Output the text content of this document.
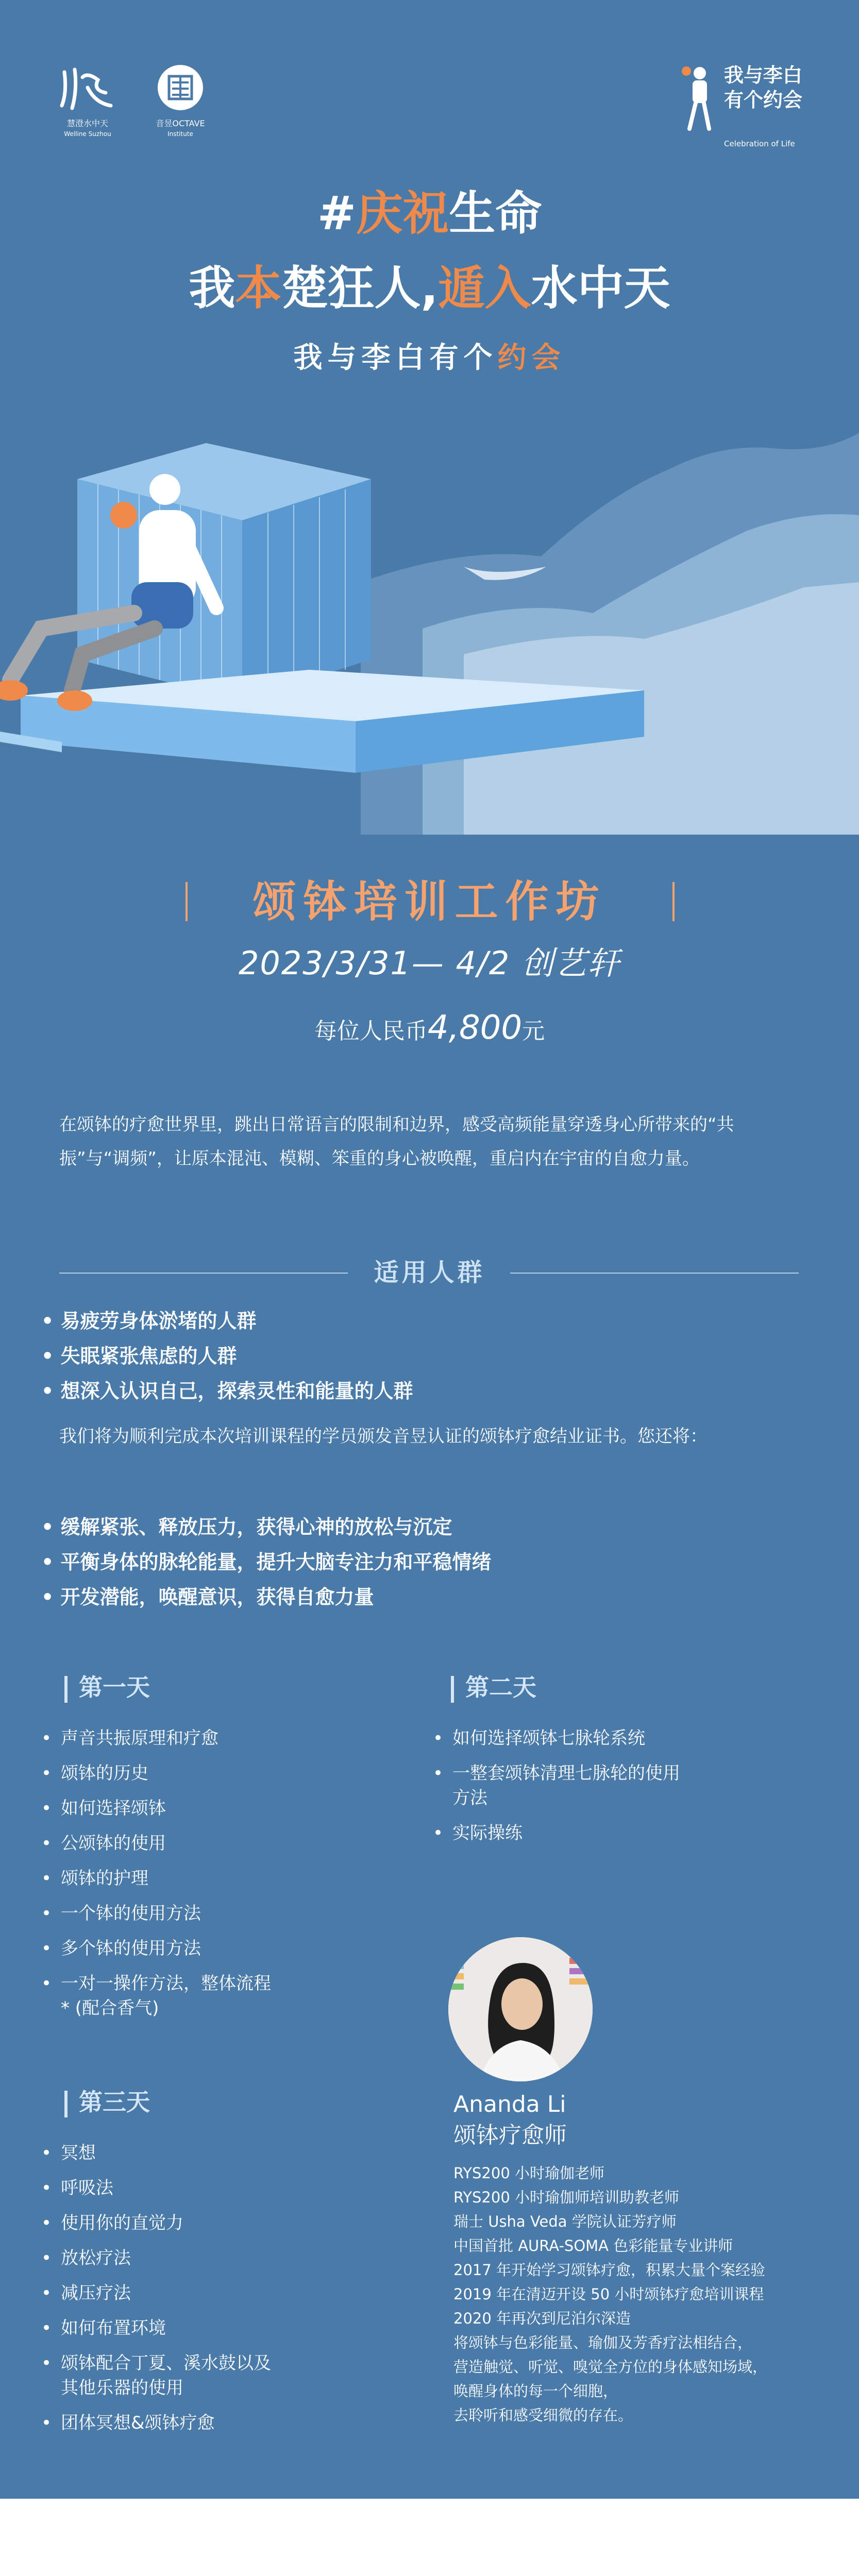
慧澄水中天
Welline Suzhou
音昱OCTAVE
Institute
我与李白有个约会
Celebration of Life
#庆祝生命
我本楚狂人,遁入水中天
我与李白有个约会
颂钵培训工作坊
2023/3/31— 4/2 创艺轩
每位人民币4,800元
在颂钵的疗愈世界里，跳出日常语言的限制和边界，感受高频能量穿透身心所带来的“共振”与“调频”，让原本混沌、模糊、笨重的身心被唤醒，重启内在宇宙的自愈力量。
适用人群
• 易疲劳身体淤堵的人群
• 失眠紧张焦虑的人群
• 想深入认识自己，探索灵性和能量的人群
我们将为顺利完成本次培训课程的学员颁发音昱认证的颂钵疗愈结业证书。您还将：
• 缓解紧张、释放压力，获得心神的放松与沉定
• 平衡身体的脉轮能量，提升大脑专注力和平稳情绪
• 开发潜能，唤醒意识，获得自愈力量
第一天
• 声音共振原理和疗愈
• 颂钵的历史
• 如何选择颂钵
• 公颂钵的使用
• 颂钵的护理
• 一个钵的使用方法
• 多个钵的使用方法
• 一对一操作方法，整体流程* (配合香气)
第二天
• 如何选择颂钵七脉轮系统
• 一整套颂钵清理七脉轮的使用方法
• 实际操练
第三天
• 冥想
• 呼吸法
• 使用你的直觉力
• 放松疗法
• 减压疗法
• 如何布置环境
• 颂钵配合丁夏、溪水鼓以及其他乐器的使用
• 团体冥想&颂钵疗愈
Ananda Li
颂钵疗愈师
RYS200 小时瑜伽老师
RYS200 小时瑜伽师培训助教老师
瑞士 Usha Veda 学院认证芳疗师
中国首批 AURA-SOMA 色彩能量专业讲师
2017 年开始学习颂钵疗愈，积累大量个案经验
2019 年在清迈开设 50 小时颂钵疗愈培训课程
2020 年再次到尼泊尔深造
将颂钵与色彩能量、瑜伽及芳香疗法相结合，
营造触觉、听觉、嗅觉全方位的身体感知场域，
唤醒身体的每一个细胞，
去聆听和感受细微的存在。
